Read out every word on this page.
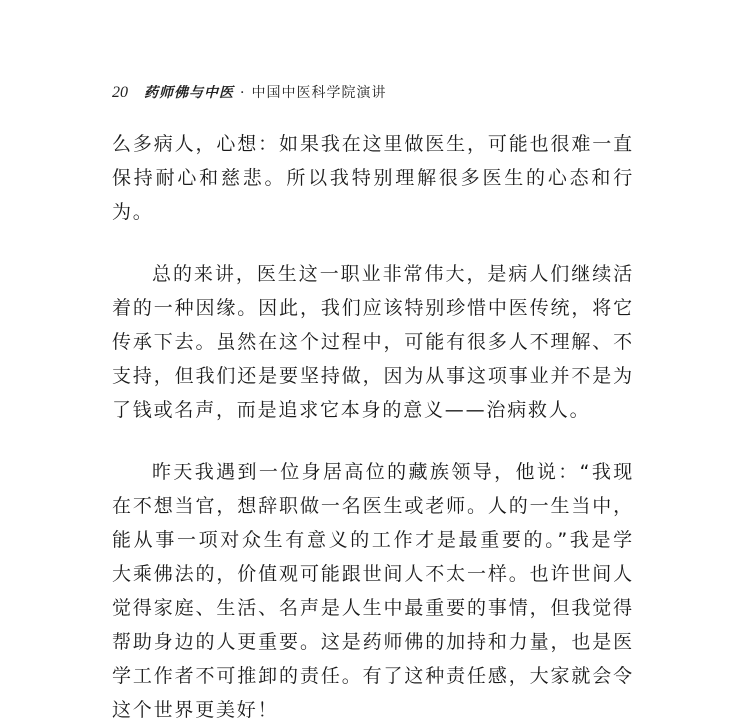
20 药师佛与中医 · 中国中医科学院演讲

么多病人，心想：如果我在这里做医生，可能也很难一直保持耐心和慈悲。所以我特别理解很多医生的心态和行为。

总的来讲，医生这一职业非常伟大，是病人们继续活着的一种因缘。因此，我们应该特别珍惜中医传统，将它传承下去。虽然在这个过程中，可能有很多人不理解、不支持，但我们还是要坚持做，因为从事这项事业并不是为了钱或名声，而是追求它本身的意义——治病救人。

昨天我遇到一位身居高位的藏族领导，他说：“我现在不想当官，想辞职做一名医生或老师。人的一生当中，能从事一项对众生有意义的工作才是最重要的。”我是学大乘佛法的，价值观可能跟世间人不太一样。也许世间人觉得家庭、生活、名声是人生中最重要的事情，但我觉得帮助身边的人更重要。这是药师佛的加持和力量，也是医学工作者不可推卸的责任。有了这种责任感，大家就会令这个世界更美好！
